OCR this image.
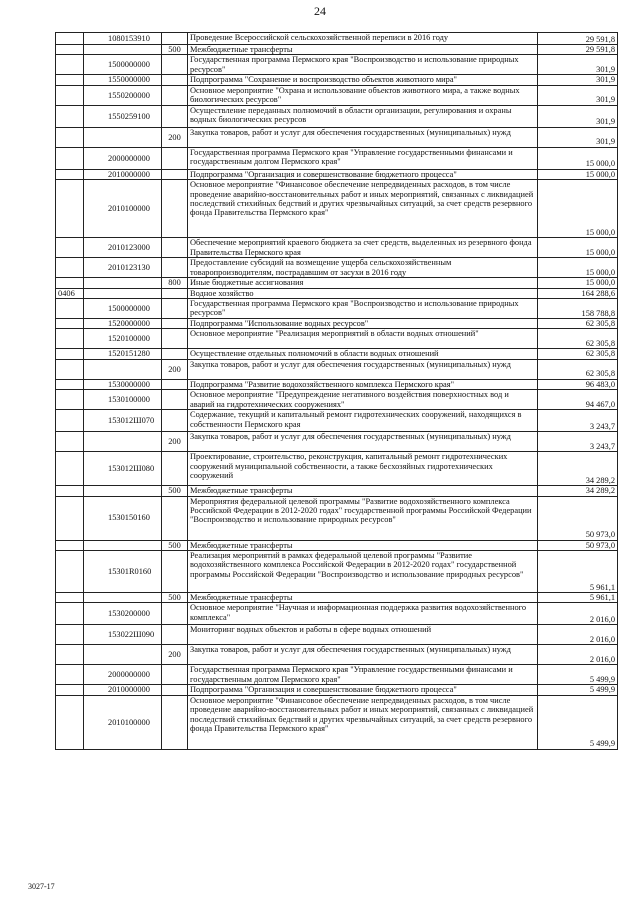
24
	1080153910		Проведение Всероссийской сельскохозяйственной переписи в 2016 году	29 591,8
		500	Межбюджетные трансферты	29 591,8
	1500000000		Государственная программа Пермского края "Воспроизводство и использование природных ресурсов"	301,9
	1550000000		Подпрограмма "Сохранение и воспроизводство объектов животного мира"	301,9
	1550200000		Основное мероприятие "Охрана и использование объектов животного мира, а также водных биологических ресурсов"	301,9
	1550259100		Осуществление переданных полномочий в области организации, регулирования и охраны водных биологических ресурсов	301,9
		200	Закупка товаров, работ и услуг для обеспечения государственных (муниципальных) нужд	301,9
	2000000000		Государственная программа Пермского края "Управление государственными финансами и государственным долгом Пермского края"	15 000,0
	2010000000		Подпрограмма "Организация и совершенствование бюджетного процесса"	15 000,0
	2010100000		Основное мероприятие "Финансовое обеспечение непредвиденных расходов, в том числе проведение аварийно-восстановительных работ и иных мероприятий, связанных с ликвидацией последствий стихийных бедствий и других чрезвычайных ситуаций, за счет средств резервного фонда Правительства Пермского края"	15 000,0
	2010123000		Обеспечение мероприятий краевого бюджета за счет средств, выделенных из резервного фонда Правительства Пермского края	15 000,0
	2010123130		Предоставление субсидий на возмещение ущерба сельскохозяйственным товаропроизводителям, пострадавшим от засухи в 2016 году	15 000,0
		800	Иные бюджетные ассигнования	15 000,0
0406			Водное хозяйство	164 288,6
	1500000000		Государственная программа Пермского края "Воспроизводство и использование природных ресурсов"	158 788,8
	1520000000		Подпрограмма "Использование водных ресурсов"	62 305,8
	1520100000		Основное мероприятие "Реализация мероприятий в области водных отношений"	62 305,8
	1520151280		Осуществление отдельных полномочий в области водных отношений	62 305,8
		200	Закупка товаров, работ и услуг для обеспечения государственных (муниципальных) нужд	62 305,8
	1530000000		Подпрограмма "Развитие водохозяйственного комплекса Пермского края"	96 483,0
	1530100000		Основное мероприятие "Предупреждение негативного воздействия поверхностных вод и аварий на гидротехнических сооружениях"	94 467,0
	153012Ш070		Содержание, текущий и капитальный ремонт гидротехнических сооружений, находящихся в собственности Пермского края	3 243,7
		200	Закупка товаров, работ и услуг для обеспечения государственных (муниципальных) нужд	3 243,7
	153012Ш080		Проектирование, строительство, реконструкция, капитальный ремонт гидротехнических сооружений муниципальной собственности, а также бесхозяйных гидротехнических сооружений	34 289,2
		500	Межбюджетные трансферты	34 289,2
	1530150160		Мероприятия федеральной целевой программы "Развитие водохозяйственного комплекса Российской Федерации в 2012-2020 годах" государственной программы Российской Федерации "Воспроизводство и использование природных ресурсов"	50 973,0
		500	Межбюджетные трансферты	50 973,0
	15301R0160		Реализация мероприятий в рамках федеральной целевой программы "Развитие водохозяйственного комплекса Российской Федерации в 2012-2020 годах" государственной программы Российской Федерации "Воспроизводство и использование природных ресурсов"	5 961,1
		500	Межбюджетные трансферты	5 961,1
	1530200000		Основное мероприятие "Научная и информационная поддержка развития водохозяйственного комплекса"	2 016,0
	153022Ш090		Мониторинг водных объектов и работы в сфере водных отношений	2 016,0
		200	Закупка товаров, работ и услуг для обеспечения государственных (муниципальных) нужд	2 016,0
	2000000000		Государственная программа Пермского края "Управление государственными финансами и государственным долгом Пермского края"	5 499,9
	2010000000		Подпрограмма "Организация и совершенствование бюджетного процесса"	5 499,9
	2010100000		Основное мероприятие "Финансовое обеспечение непредвиденных расходов, в том числе проведение аварийно-восстановительных работ и иных мероприятий, связанных с ликвидацией последствий стихийных бедствий и других чрезвычайных ситуаций, за счет средств резервного фонда Правительства Пермского края"	5 499,9
3027-17
